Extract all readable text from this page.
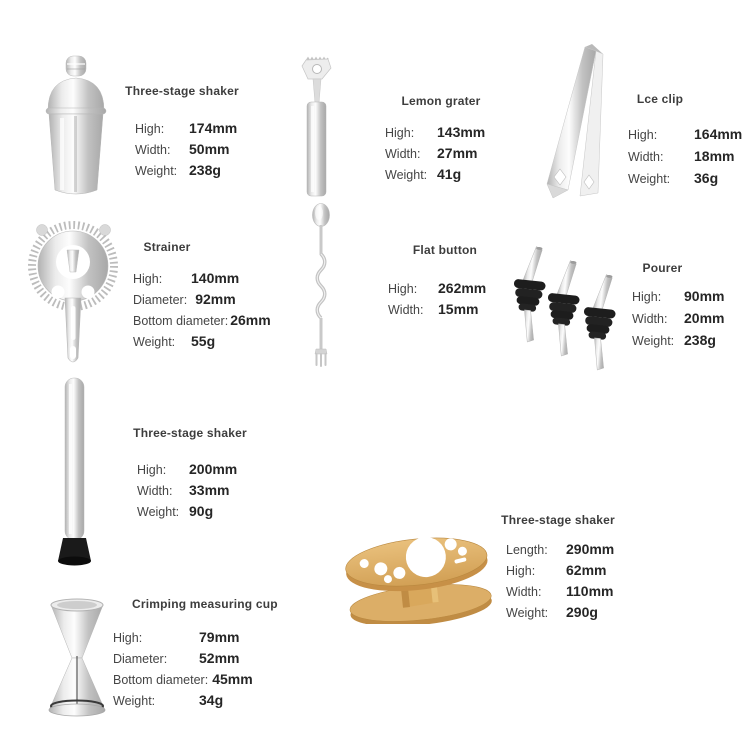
Three-stage shaker
High:	174mm
Width:	50mm
Weight: 238g
Lemon grater
High:	143mm
Width:	27mm
Weight: 41g
Lce clip
High:	164mm
Width:	18mm
Weight:	36g
Strainer
High:	140mm
Diameter: 92mm
Bottom diameter: 26mm
Weight:	55g
Flat button
High:	262mm
Width:	15mm
Pourer
High:	90mm
Width:	20mm
Weight: 238g
Three-stage shaker
High:	200mm
Width:	33mm
Weight: 90g
Three-stage shaker
Length:	290mm
High:	62mm
Width:	110mm
Weight:	290g
Crimping measuring cup
High:	79mm
Diameter:	52mm
Bottom diameter: 45mm
Weight:	34g
